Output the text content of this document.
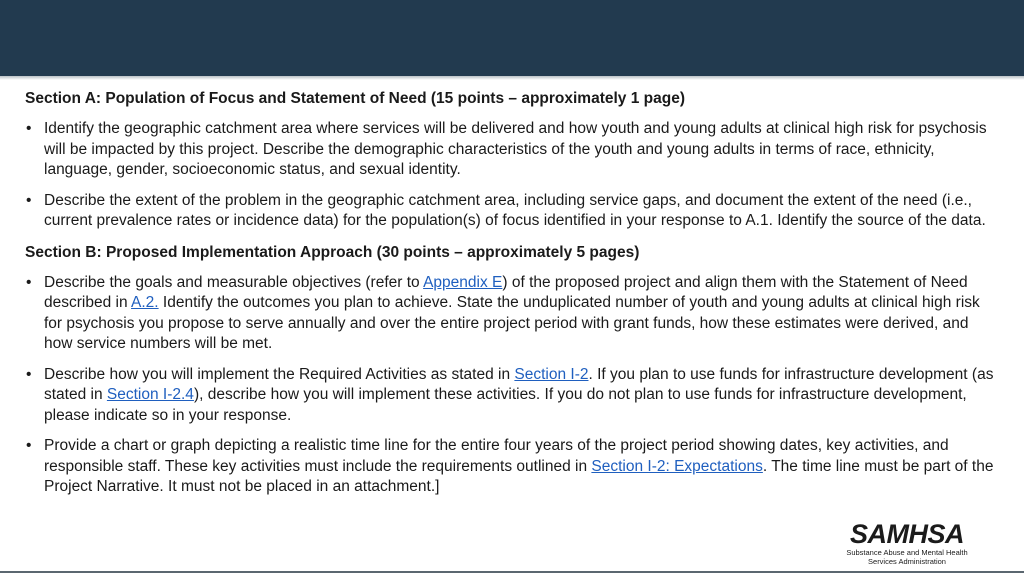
Section A: Population of Focus and Statement of Need (15 points – approximately 1 page)
• Identify the geographic catchment area where services will be delivered and how youth and young adults at clinical high risk for psychosis will be impacted by this project. Describe the demographic characteristics of the youth and young adults in terms of race, ethnicity, language, gender, socioeconomic status, and sexual identity.
• Describe the extent of the problem in the geographic catchment area, including service gaps, and document the extent of the need (i.e., current prevalence rates or incidence data) for the population(s) of focus identified in your response to A.1. Identify the source of the data.
Section B: Proposed Implementation Approach (30 points – approximately 5 pages)
• Describe the goals and measurable objectives (refer to Appendix E) of the proposed project and align them with the Statement of Need described in A.2. Identify the outcomes you plan to achieve. State the unduplicated number of youth and young adults at clinical high risk for psychosis you propose to serve annually and over the entire project period with grant funds, how these estimates were derived, and how service numbers will be met.
• Describe how you will implement the Required Activities as stated in Section I-2. If you plan to use funds for infrastructure development (as stated in Section I-2.4), describe how you will implement these activities. If you do not plan to use funds for infrastructure development, please indicate so in your response.
• Provide a chart or graph depicting a realistic time line for the entire four years of the project period showing dates, key activities, and responsible staff. These key activities must include the requirements outlined in Section I-2: Expectations. The time line must be part of the Project Narrative. It must not be placed in an attachment.]
SAMHSA
Substance Abuse and Mental Health
Services Administration
